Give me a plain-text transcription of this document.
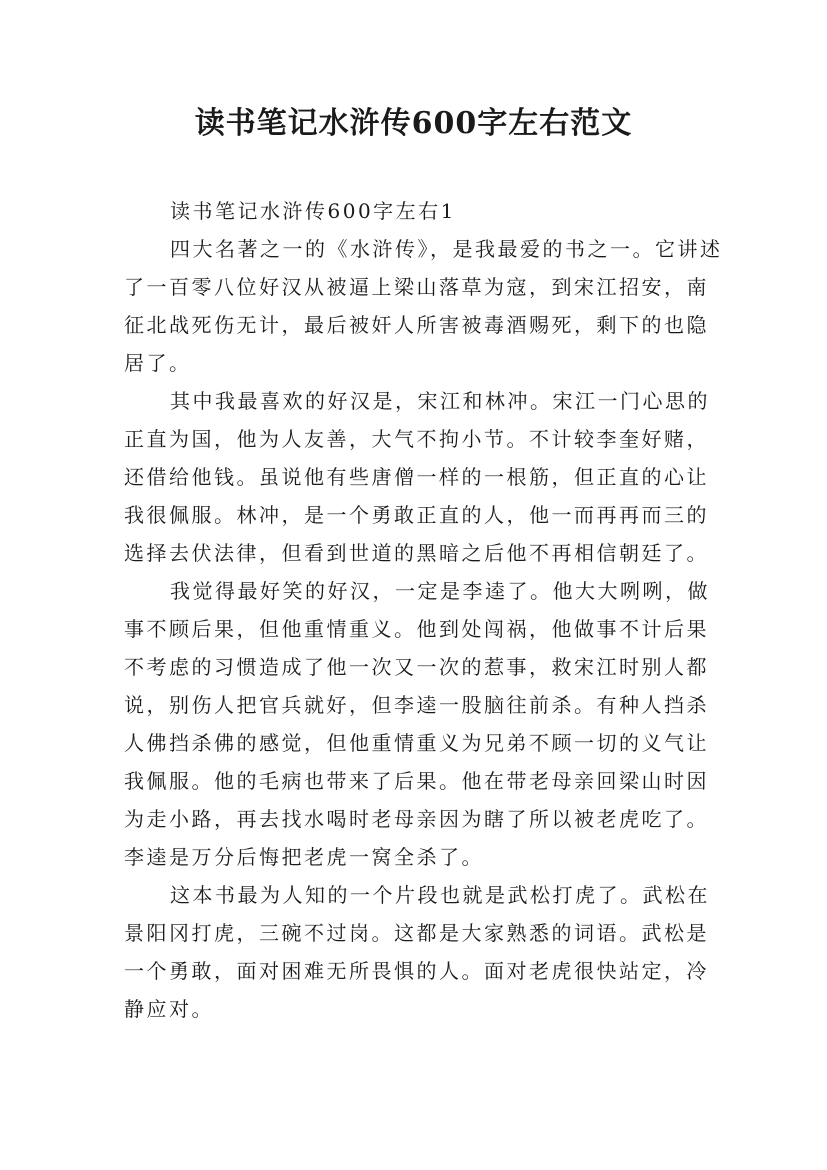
读书笔记水浒传600字左右范文

读书笔记水浒传600字左右1

四大名著之一的《水浒传》，是我最爱的书之一。它讲述了一百零八位好汉从被逼上梁山落草为寇，到宋江招安，南征北战死伤无计，最后被奸人所害被毒酒赐死，剩下的也隐居了。

其中我最喜欢的好汉是，宋江和林冲。宋江一门心思的正直为国，他为人友善，大气不拘小节。不计较李奎好赌，还借给他钱。虽说他有些唐僧一样的一根筋，但正直的心让我很佩服。林冲，是一个勇敢正直的人，他一而再再而三的选择去伏法律，但看到世道的黑暗之后他不再相信朝廷了。

我觉得最好笑的好汉，一定是李逵了。他大大咧咧，做事不顾后果，但他重情重义。他到处闯祸，他做事不计后果不考虑的习惯造成了他一次又一次的惹事，救宋江时别人都说，别伤人把官兵就好，但李逵一股脑往前杀。有种人挡杀人佛挡杀佛的感觉，但他重情重义为兄弟不顾一切的义气让我佩服。他的毛病也带来了后果。他在带老母亲回梁山时因为走小路，再去找水喝时老母亲因为瞎了所以被老虎吃了。李逵是万分后悔把老虎一窝全杀了。

这本书最为人知的一个片段也就是武松打虎了。武松在景阳冈打虎，三碗不过岗。这都是大家熟悉的词语。武松是一个勇敢，面对困难无所畏惧的人。面对老虎很快站定，冷静应对。
